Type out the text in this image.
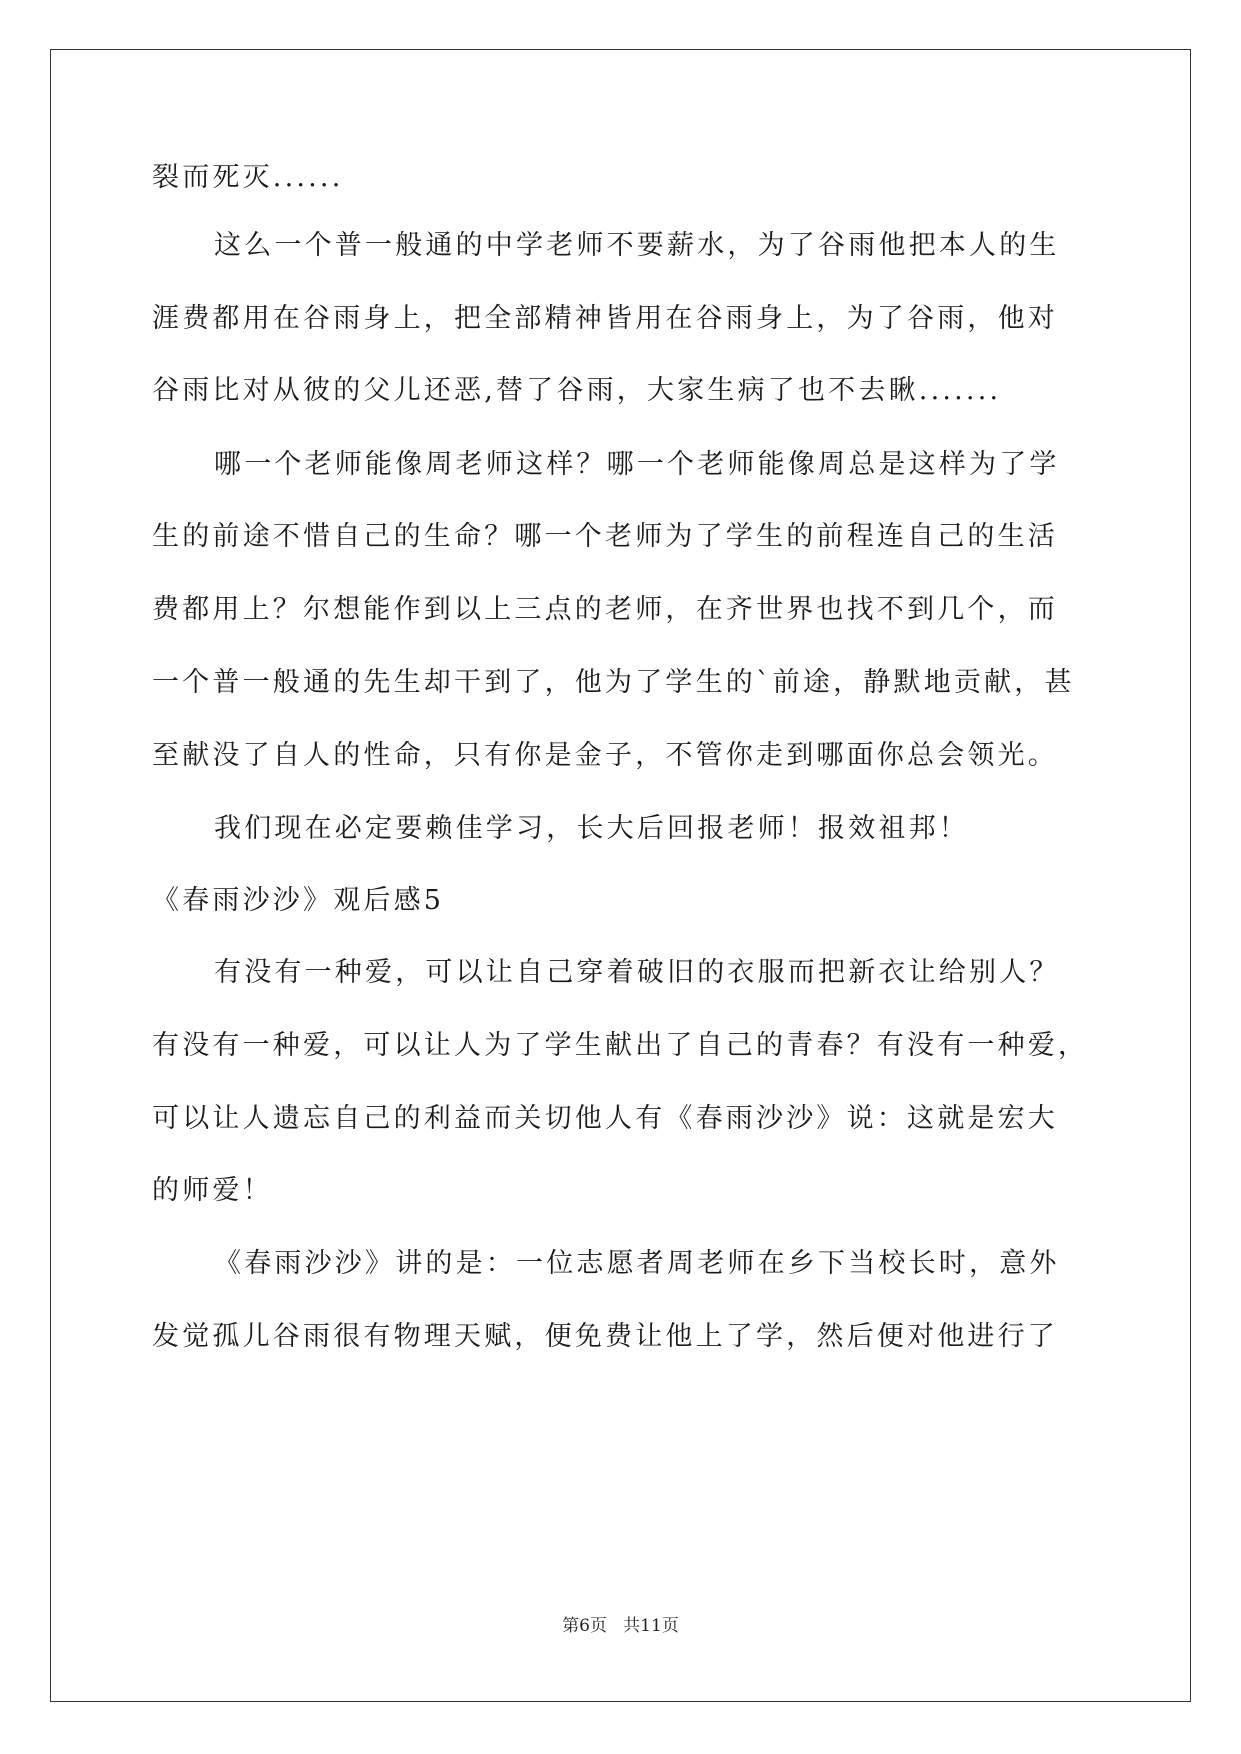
裂而死灭......
这么一个普一般通的中学老师不要薪水，为了谷雨他把本人的生
涯费都用在谷雨身上，把全部精神皆用在谷雨身上，为了谷雨，他对
谷雨比对从彼的父儿还恶,替了谷雨，大家生病了也不去瞅.......
哪一个老师能像周老师这样？哪一个老师能像周总是这样为了学
生的前途不惜自己的生命？哪一个老师为了学生的前程连自己的生活
费都用上？尔想能作到以上三点的老师，在齐世界也找不到几个，而
一个普一般通的先生却干到了，他为了学生的`前途，静默地贡献，甚
至献没了自人的性命，只有你是金子，不管你走到哪面你总会领光。
我们现在必定要赖佳学习，长大后回报老师！报效祖邦！
《春雨沙沙》观后感5
有没有一种爱，可以让自己穿着破旧的衣服而把新衣让给别人？
有没有一种爱，可以让人为了学生献出了自己的青春？有没有一种爱，
可以让人遗忘自己的利益而关切他人有《春雨沙沙》说：这就是宏大
的师爱！
《春雨沙沙》讲的是：一位志愿者周老师在乡下当校长时，意外
发觉孤儿谷雨很有物理天赋，便免费让他上了学，然后便对他进行了
第6页   共11页
